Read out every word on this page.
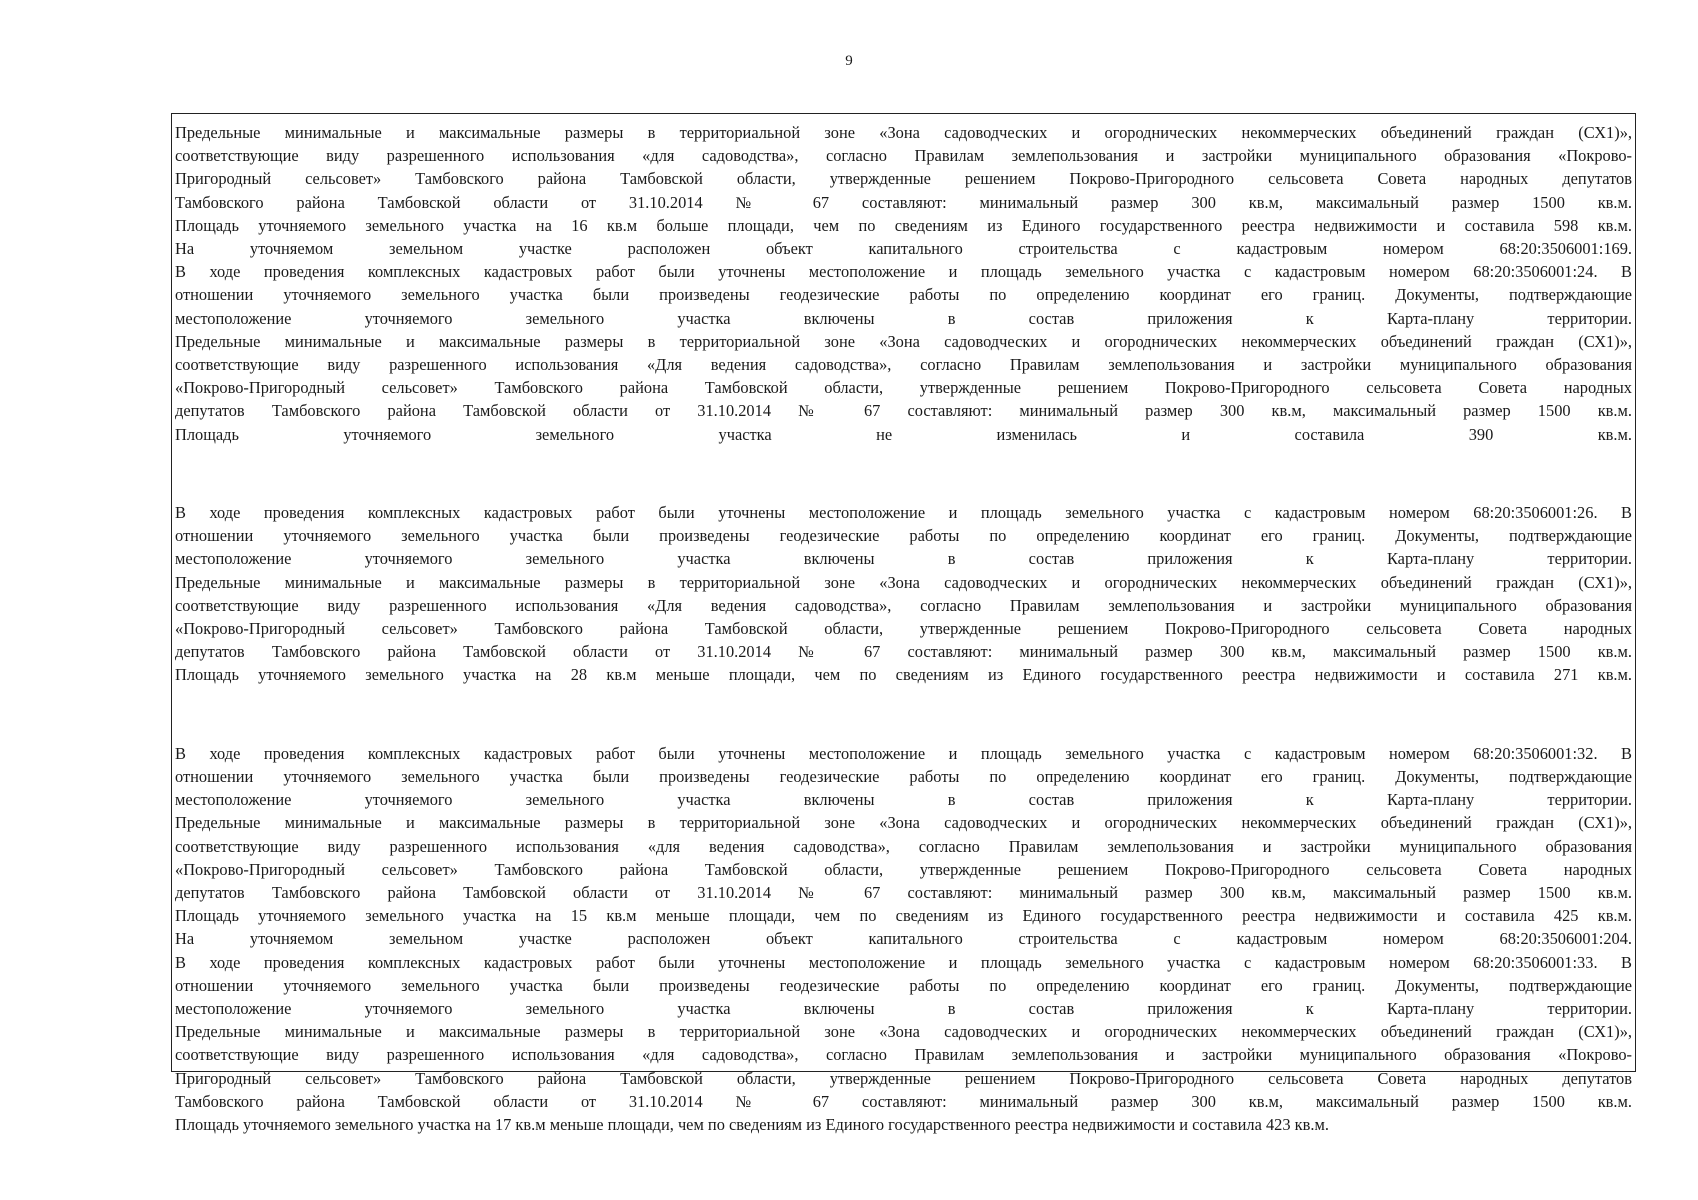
9

Предельные минимальные и максимальные размеры в территориальной зоне «Зона садоводческих и огороднических некоммерческих объединений граждан (СХ1)»,

соответствующие виду разрешенного использования «для садоводства», согласно Правилам землепользования и застройки муниципального образования «Покрово-

Пригородный сельсовет» Тамбовского района Тамбовской области, утвержденные решением Покрово-Пригородного сельсовета Совета народных депутатов

Тамбовского района Тамбовской области от 31.10.2014 № 67 составляют: минимальный размер 300 кв.м, максимальный размер 1500 кв.м.

Площадь уточняемого земельного участка на 16 кв.м больше площади, чем по сведениям из Единого государственного реестра недвижимости и составила 598 кв.м.

На уточняемом земельном участке расположен объект капитального строительства с кадастровым номером 68:20:3506001:169.

В ходе проведения комплексных кадастровых работ были уточнены местоположение и площадь земельного участка с кадастровым номером 68:20:3506001:24. В

отношении уточняемого земельного участка были произведены геодезические работы по определению координат его границ. Документы, подтверждающие

местоположение уточняемого земельного участка включены в состав приложения к Карта-плану территории.

Предельные минимальные и максимальные размеры в территориальной зоне «Зона садоводческих и огороднических некоммерческих объединений граждан (СХ1)»,

соответствующие виду разрешенного использования «Для ведения садоводства», согласно Правилам землепользования и застройки муниципального образования

«Покрово-Пригородный сельсовет» Тамбовского района Тамбовской области, утвержденные решением Покрово-Пригородного сельсовета Совета народных

депутатов Тамбовского района Тамбовской области от 31.10.2014 № 67 составляют: минимальный размер 300 кв.м, максимальный размер 1500 кв.м.

Площадь уточняемого земельного участка не изменилась и составила 390 кв.м.

В ходе проведения комплексных кадастровых работ были уточнены местоположение и площадь земельного участка с кадастровым номером 68:20:3506001:26. В

отношении уточняемого земельного участка были произведены геодезические работы по определению координат его границ. Документы, подтверждающие

местоположение уточняемого земельного участка включены в состав приложения к Карта-плану территории.

Предельные минимальные и максимальные размеры в территориальной зоне «Зона садоводческих и огороднических некоммерческих объединений граждан (СХ1)»,

соответствующие виду разрешенного использования «Для ведения садоводства», согласно Правилам землепользования и застройки муниципального образования

«Покрово-Пригородный сельсовет» Тамбовского района Тамбовской области, утвержденные решением Покрово-Пригородного сельсовета Совета народных

депутатов Тамбовского района Тамбовской области от 31.10.2014 № 67 составляют: минимальный размер 300 кв.м, максимальный размер 1500 кв.м.

Площадь уточняемого земельного участка на 28 кв.м меньше площади, чем по сведениям из Единого государственного реестра недвижимости и составила 271 кв.м.

В ходе проведения комплексных кадастровых работ были уточнены местоположение и площадь земельного участка с кадастровым номером 68:20:3506001:32. В

отношении уточняемого земельного участка были произведены геодезические работы по определению координат его границ. Документы, подтверждающие

местоположение уточняемого земельного участка включены в состав приложения к Карта-плану территории.

Предельные минимальные и максимальные размеры в территориальной зоне «Зона садоводческих и огороднических некоммерческих объединений граждан (СХ1)»,

соответствующие виду разрешенного использования «для ведения садоводства», согласно Правилам землепользования и застройки муниципального образования

«Покрово-Пригородный сельсовет» Тамбовского района Тамбовской области, утвержденные решением Покрово-Пригородного сельсовета Совета народных

депутатов Тамбовского района Тамбовской области от 31.10.2014 № 67 составляют: минимальный размер 300 кв.м, максимальный размер 1500 кв.м.

Площадь уточняемого земельного участка на 15 кв.м меньше площади, чем по сведениям из Единого государственного реестра недвижимости и составила 425 кв.м.

На уточняемом земельном участке расположен объект капитального строительства с кадастровым номером 68:20:3506001:204.

В ходе проведения комплексных кадастровых работ были уточнены местоположение и площадь земельного участка с кадастровым номером 68:20:3506001:33. В

отношении уточняемого земельного участка были произведены геодезические работы по определению координат его границ. Документы, подтверждающие

местоположение уточняемого земельного участка включены в состав приложения к Карта-плану территории.

Предельные минимальные и максимальные размеры в территориальной зоне «Зона садоводческих и огороднических некоммерческих объединений граждан (СХ1)»,

соответствующие виду разрешенного использования «для садоводства», согласно Правилам землепользования и застройки муниципального образования «Покрово-

Пригородный сельсовет» Тамбовского района Тамбовской области, утвержденные решением Покрово-Пригородного сельсовета Совета народных депутатов

Тамбовского района Тамбовской области от 31.10.2014 № 67 составляют: минимальный размер 300 кв.м, максимальный размер 1500 кв.м.

Площадь уточняемого земельного участка на 17 кв.м меньше площади, чем по сведениям из Единого государственного реестра недвижимости и составила 423 кв.м.
